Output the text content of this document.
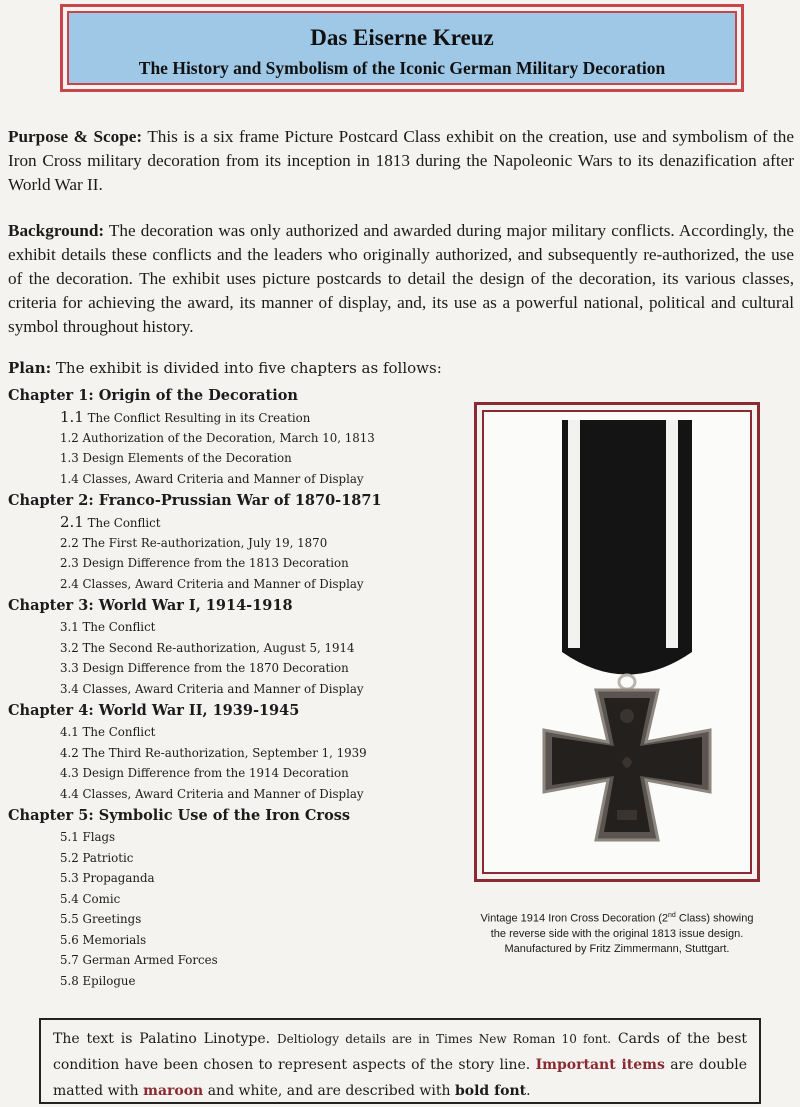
Das Eiserne Kreuz
The History and Symbolism of the Iconic German Military Decoration

Purpose & Scope: This is a six frame Picture Postcard Class exhibit on the creation, use and symbolism of the Iron Cross military decoration from its inception in 1813 during the Napoleonic Wars to its denazification after World War II.

Background: The decoration was only authorized and awarded during major military conflicts. Accordingly, the exhibit details these conflicts and the leaders who originally authorized, and subsequently re-authorized, the use of the decoration. The exhibit uses picture postcards to detail the design of the decoration, its various classes, criteria for achieving the award, its manner of display, and, its use as a powerful national, political and cultural symbol throughout history.

Plan: The exhibit is divided into five chapters as follows:
Chapter 1: Origin of the Decoration
1.1 The Conflict Resulting in its Creation
1.2 Authorization of the Decoration, March 10, 1813
1.3 Design Elements of the Decoration
1.4 Classes, Award Criteria and Manner of Display
Chapter 2: Franco-Prussian War of 1870-1871
2.1 The Conflict
2.2 The First Re-authorization, July 19, 1870
2.3 Design Difference from the 1813 Decoration
2.4 Classes, Award Criteria and Manner of Display
Chapter 3: World War I, 1914-1918
3.1 The Conflict
3.2 The Second Re-authorization, August 5, 1914
3.3 Design Difference from the 1870 Decoration
3.4 Classes, Award Criteria and Manner of Display
Chapter 4: World War II, 1939-1945
4.1 The Conflict
4.2 The Third Re-authorization, September 1, 1939
4.3 Design Difference from the 1914 Decoration
4.4 Classes, Award Criteria and Manner of Display
Chapter 5: Symbolic Use of the Iron Cross
5.1 Flags
5.2 Patriotic
5.3 Propaganda
5.4 Comic
5.5 Greetings
5.6 Memorials
5.7 German Armed Forces
5.8 Epilogue
Vintage 1914 Iron Cross Decoration (2nd Class) showing
the reverse side with the original 1813 issue design.
Manufactured by Fritz Zimmermann, Stuttgart.
The text is Palatino Linotype. Deltiology details are in Times New Roman 10 font. Cards of the best condition have been chosen to represent aspects of the story line. Important items are double matted with maroon and white, and are described with bold font.
